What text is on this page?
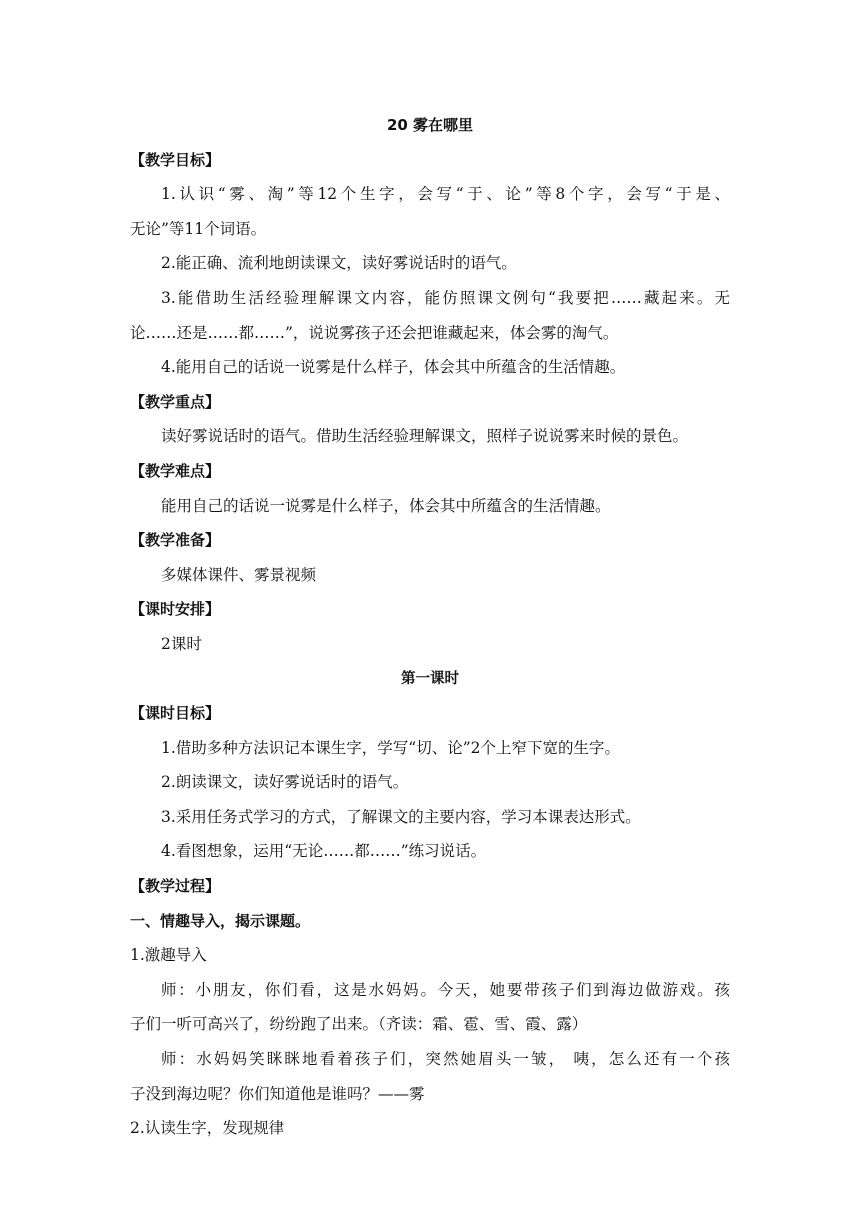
20 雾在哪里
【教学目标】
1.认识“雾、淘”等12个生字，会写“于、论”等8个字，会写“于是、
无论”等11个词语。
2.能正确、流利地朗读课文，读好雾说话时的语气。
3.能借助生活经验理解课文内容，能仿照课文例句“我要把……藏起来。无
论……还是……都……”，说说雾孩子还会把谁藏起来，体会雾的淘气。
4.能用自己的话说一说雾是什么样子，体会其中所蕴含的生活情趣。
【教学重点】
读好雾说话时的语气。借助生活经验理解课文，照样子说说雾来时候的景色。
【教学难点】
能用自己的话说一说雾是什么样子，体会其中所蕴含的生活情趣。
【教学准备】
多媒体课件、雾景视频
【课时安排】
2课时
第一课时
【课时目标】
1.借助多种方法识记本课生字，学写“切、论”2个上窄下宽的生字。
2.朗读课文，读好雾说话时的语气。
3.采用任务式学习的方式，了解课文的主要内容，学习本课表达形式。
4.看图想象，运用“无论……都……”练习说话。
【教学过程】
一、情趣导入，揭示课题。
1.激趣导入
师：小朋友，你们看，这是水妈妈。今天，她要带孩子们到海边做游戏。孩
子们一听可高兴了，纷纷跑了出来。（齐读：霜、雹、雪、霞、露）
师：水妈妈笑眯眯地看着孩子们，突然她眉头一皱， 咦，怎么还有一个孩
子没到海边呢？你们知道他是谁吗？——雾
2.认读生字，发现规律
